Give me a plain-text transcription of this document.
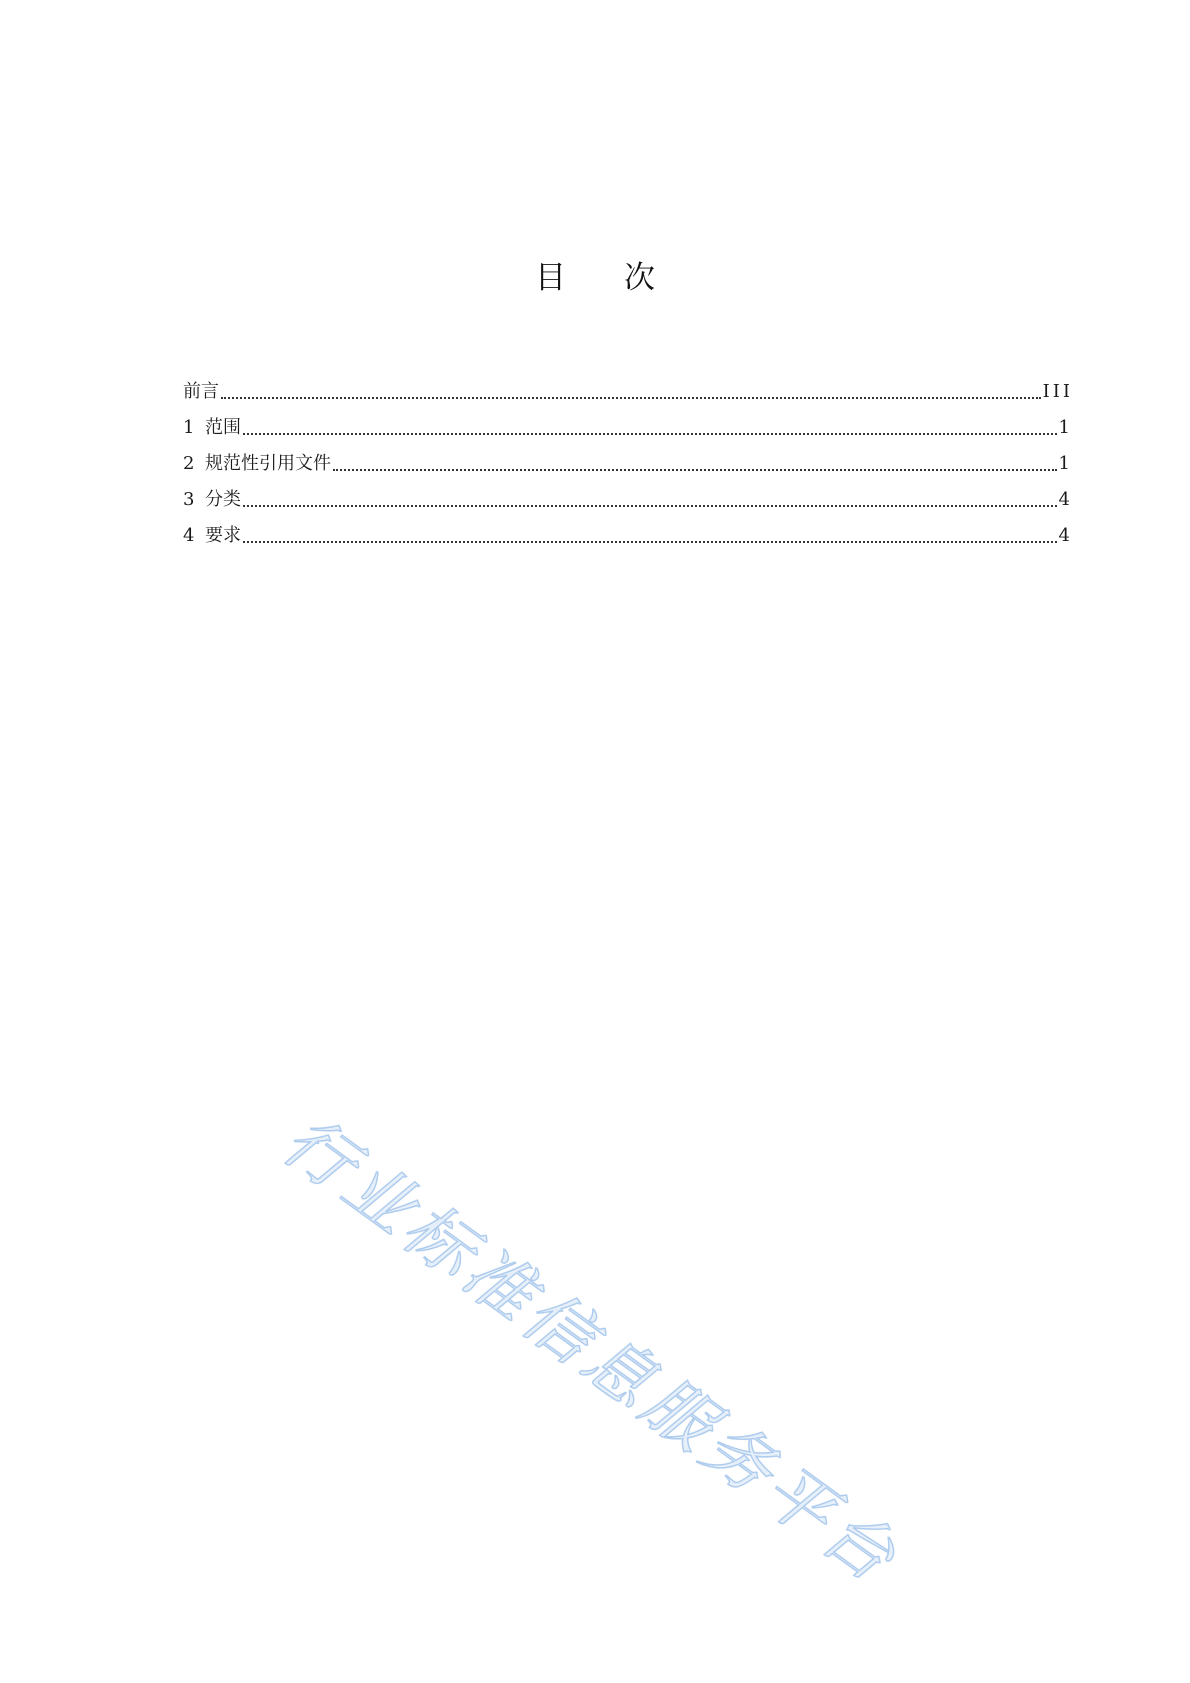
目次
前言	III
1 范围	1
2 规范性引用文件	1
3 分类	4
4 要求	4
行业标准信息服务平台
